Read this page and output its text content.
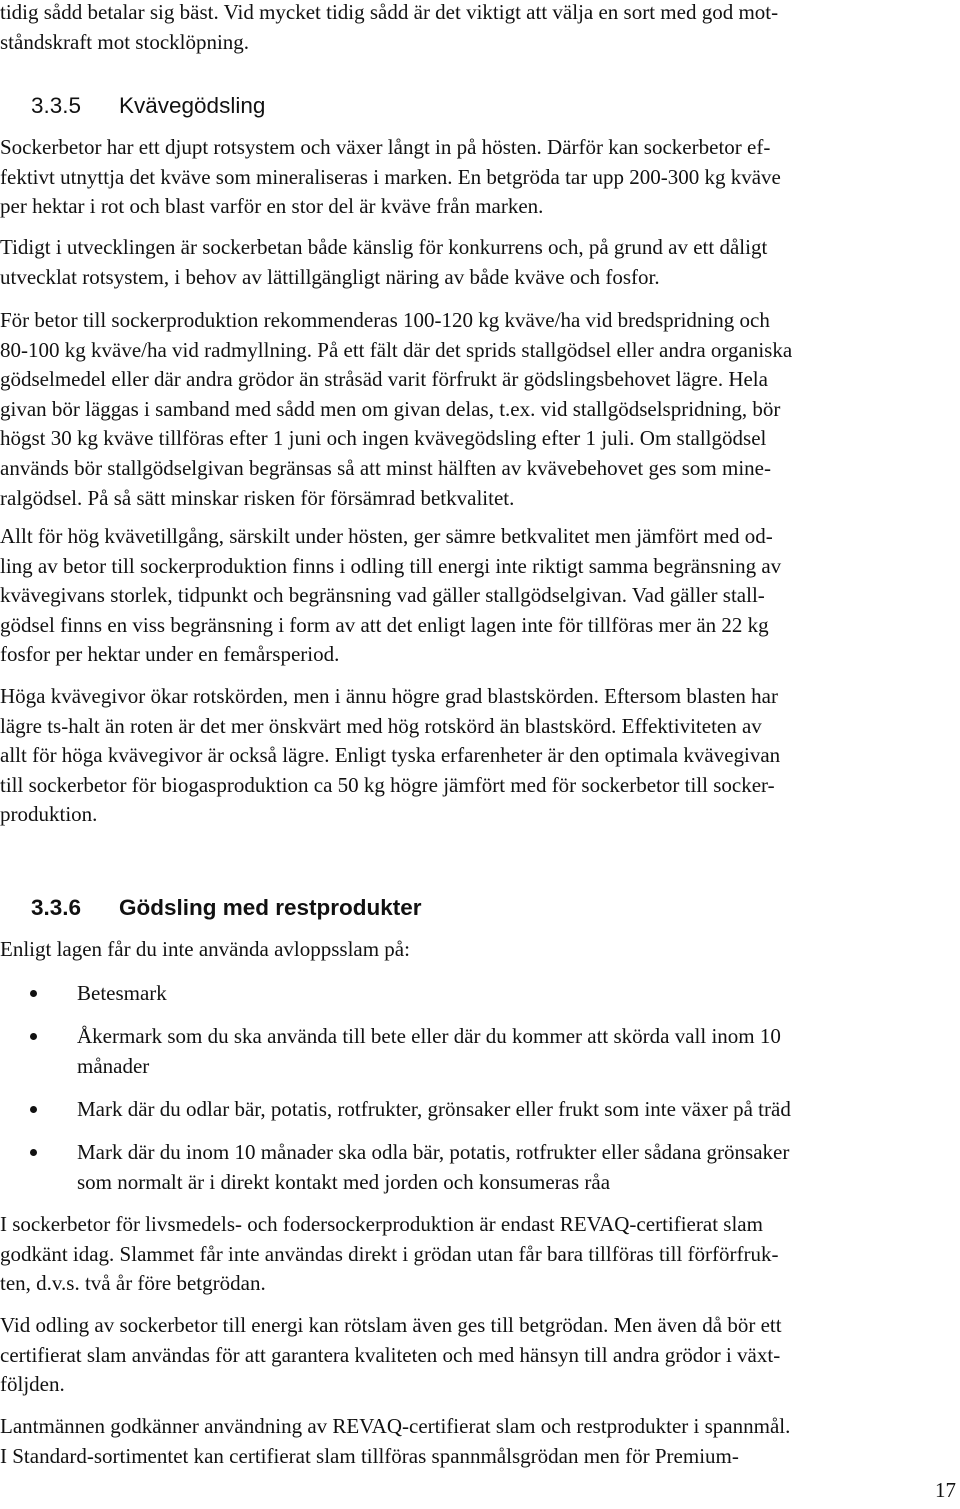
tidig sådd betalar sig bäst. Vid mycket tidig sådd är det viktigt att välja en sort med god mot-
ståndskraft mot stocklöpning.
3.3.5 Kvävegödsling
Sockerbetor har ett djupt rotsystem och växer långt in på hösten. Därför kan sockerbetor ef-
fektivt utnyttja det kväve som mineraliseras i marken. En betgröda tar upp 200-300 kg kväve
per hektar i rot och blast varför en stor del är kväve från marken.
Tidigt i utvecklingen är sockerbetan både känslig för konkurrens och, på grund av ett dåligt
utvecklat rotsystem, i behov av lättillgängligt näring av både kväve och fosfor.
För betor till sockerproduktion rekommenderas 100-120 kg kväve/ha vid bredspridning och
80-100 kg kväve/ha vid radmyllning. På ett fält där det sprids stallgödsel eller andra organiska
gödselmedel eller där andra grödor än stråsäd varit förfrukt är gödslingsbehovet lägre. Hela
givan bör läggas i samband med sådd men om givan delas, t.ex. vid stallgödselspridning, bör
högst 30 kg kväve tillföras efter 1 juni och ingen kvävegödsling efter 1 juli. Om stallgödsel
används bör stallgödselgivan begränsas så att minst hälften av kvävebehovet ges som mine-
ralgödsel. På så sätt minskar risken för försämrad betkvalitet.
Allt för hög kvävetillgång, särskilt under hösten, ger sämre betkvalitet men jämfört med od-
ling av betor till sockerproduktion finns i odling till energi inte riktigt samma begränsning av
kvävegivans storlek, tidpunkt och begränsning vad gäller stallgödselgivan. Vad gäller stall-
gödsel finns en viss begränsning i form av att det enligt lagen inte för tillföras mer än 22 kg
fosfor per hektar under en femårsperiod.
Höga kvävegivor ökar rotskörden, men i ännu högre grad blastskörden. Eftersom blasten har
lägre ts-halt än roten är det mer önskvärt med hög rotskörd än blastskörd. Effektiviteten av
allt för höga kvävegivor är också lägre. Enligt tyska erfarenheter är den optimala kvävegivan
till sockerbetor för biogasproduktion ca 50 kg högre jämfört med för sockerbetor till socker-
produktion.
3.3.6 Gödsling med restprodukter
Enligt lagen får du inte använda avloppsslam på:
Betesmark
Åkermark som du ska använda till bete eller där du kommer att skörda vall inom 10
månader
Mark där du odlar bär, potatis, rotfrukter, grönsaker eller frukt som inte växer på träd
Mark där du inom 10 månader ska odla bär, potatis, rotfrukter eller sådana grönsaker
som normalt är i direkt kontakt med jorden och konsumeras råa
I sockerbetor för livsmedels- och fodersockerproduktion är endast REVAQ-certifierat slam
godkänt idag. Slammet får inte användas direkt i grödan utan får bara tillföras till förförfruk-
ten, d.v.s. två år före betgrödan.
Vid odling av sockerbetor till energi kan rötslam även ges till betgrödan. Men även då bör ett
certifierat slam användas för att garantera kvaliteten och med hänsyn till andra grödor i växt-
följden.
Lantmännen godkänner användning av REVAQ-certifierat slam och restprodukter i spannmål.
I Standard-sortimentet kan certifierat slam tillföras spannmålsgrödan men för Premium-
17
